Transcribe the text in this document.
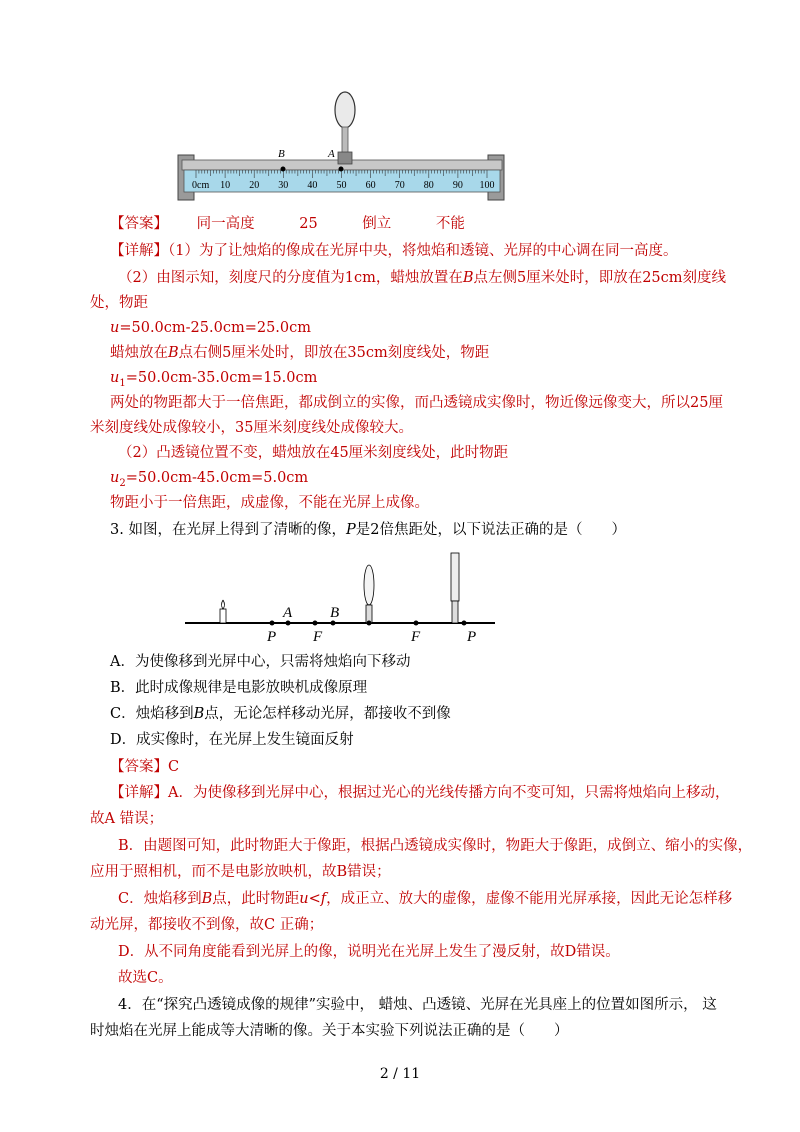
B	A
0cm 10 20 30 40 50 60 70 80 90 100
【答案】 同一高度	25	倒立	不能
【详解】（1）为了让烛焰的像成在光屏中央，将烛焰和透镜、光屏的中心调在同一高度。
（2）由图示知，刻度尺的分度值为1cm，蜡烛放置在B点左侧5厘米处时，即放在25cm刻度线
处，物距
u=50.0cm-25.0cm=25.0cm
蜡烛放在B点右侧5厘米处时，即放在35cm刻度线处，物距
$u_1=50.0cm-35.0cm=15.0cm$
两处的物距都大于一倍焦距，都成倒立的实像，而凸透镜成实像时，物近像远像变大，所以25厘
米刻度线处成像较小，35厘米刻度线处成像较大。
（2）凸透镜位置不变，蜡烛放在45厘米刻度线处，此时物距
$u_2=50.0cm-45.0cm=5.0cm$
物距小于一倍焦距，成虚像，不能在光屏上成像。
3. 如图，在光屏上得到了清晰的像，P是2倍焦距处，以下说法正确的是（　　）
A	B
P F	F	P
A．为使像移到光屏中心，只需将烛焰向下移动
B．此时成像规律是电影放映机成像原理
C．烛焰移到B点，无论怎样移动光屏，都接收不到像
D．成实像时，在光屏上发生镜面反射
【答案】C
【详解】A．为使像移到光屏中心，根据过光心的光线传播方向不变可知，只需将烛焰向上移动，
故A 错误；
B．由题图可知，此时物距大于像距，根据凸透镜成实像时，物距大于像距，成倒立、缩小的实像，
应用于照相机，而不是电影放映机，故B错误；
C．烛焰移到B点，此时物距u<f，成正立、放大的虚像，虚像不能用光屏承接，因此无论怎样移
动光屏，都接收不到像，故C 正确；
D．从不同角度能看到光屏上的像，说明光在光屏上发生了漫反射，故D错误。
故选C。
4．在“探究凸透镜成像的规律”实验中， 蜡烛、凸透镜、光屏在光具座上的位置如图所示， 这
时烛焰在光屏上能成等大清晰的像。关于本实验下列说法正确的是（　　）
2 / 11
